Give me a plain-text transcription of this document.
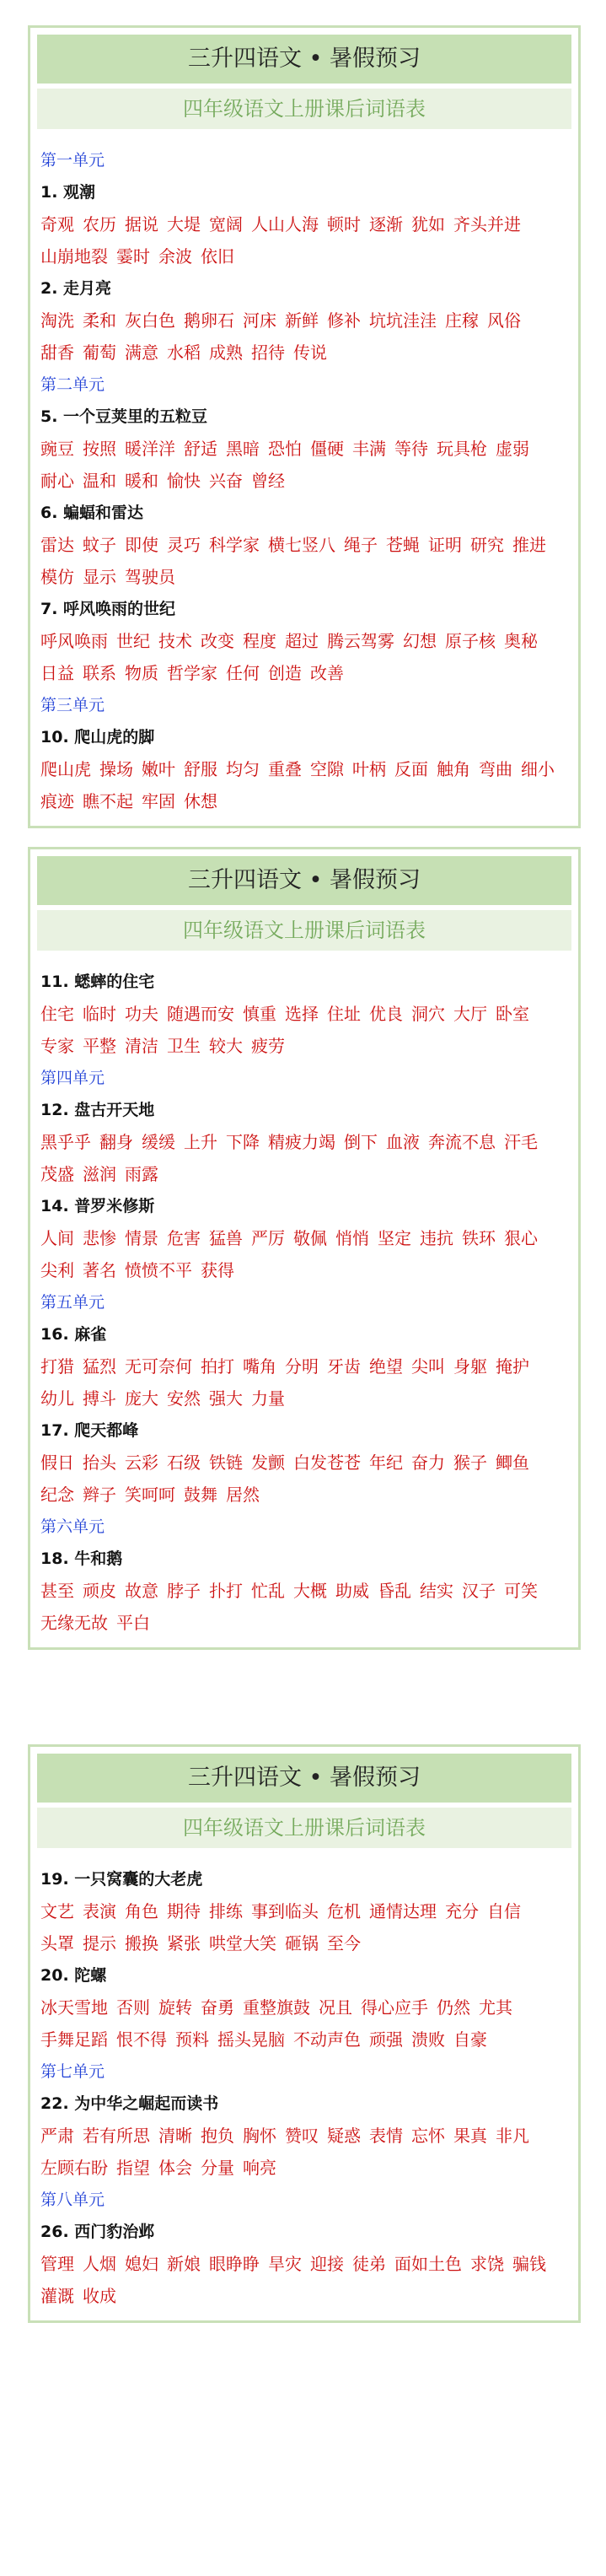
三升四语文 • 暑假预习
四年级语文上册课后词语表
第一单元
1. 观潮
奇观 农历 据说 大堤 宽阔 人山人海 顿时 逐渐 犹如 齐头并进山崩地裂 霎时 余波 依旧
2. 走月亮
淘洗 柔和 灰白色 鹅卵石 河床 新鲜 修补 坑坑洼洼 庄稼 风俗甜香 葡萄 满意 水稻 成熟 招待 传说
第二单元
5. 一个豆荚里的五粒豆
豌豆 按照 暖洋洋 舒适 黑暗 恐怕 僵硬 丰满 等待 玩具枪 虚弱耐心 温和 暖和 愉快 兴奋 曾经
6. 蝙蝠和雷达
雷达 蚊子 即使 灵巧 科学家 横七竖八 绳子 苍蝇 证明 研究 推进模仿 显示 驾驶员
7. 呼风唤雨的世纪
呼风唤雨 世纪 技术 改变 程度 超过 腾云驾雾 幻想 原子核 奥秘日益 联系 物质 哲学家 任何 创造 改善
第三单元
10. 爬山虎的脚
爬山虎 操场 嫩叶 舒服 均匀 重叠 空隙 叶柄 反面 触角 弯曲 细小痕迹 瞧不起 牢固 休想
三升四语文 • 暑假预习
四年级语文上册课后词语表
11. 蟋蟀的住宅
住宅 临时 功夫 随遇而安 慎重 选择 住址 优良 洞穴 大厅 卧室专家 平整 清洁 卫生 较大 疲劳
第四单元
12. 盘古开天地
黑乎乎 翻身 缓缓 上升 下降 精疲力竭 倒下 血液 奔流不息 汗毛茂盛 滋润 雨露
14. 普罗米修斯
人间 悲惨 情景 危害 猛兽 严厉 敬佩 悄悄 坚定 违抗 铁环 狠心尖利 著名 愤愤不平 获得
第五单元
16. 麻雀
打猎 猛烈 无可奈何 拍打 嘴角 分明 牙齿 绝望 尖叫 身躯 掩护幼儿 搏斗 庞大 安然 强大 力量
17. 爬天都峰
假日 抬头 云彩 石级 铁链 发颤 白发苍苍 年纪 奋力 猴子 鲫鱼纪念 辫子 笑呵呵 鼓舞 居然
第六单元
18. 牛和鹅
甚至 顽皮 故意 脖子 扑打 忙乱 大概 助威 昏乱 结实 汉子 可笑无缘无故 平白
三升四语文 • 暑假预习
四年级语文上册课后词语表
19. 一只窝囊的大老虎
文艺 表演 角色 期待 排练 事到临头 危机 通情达理 充分 自信头罩 提示 搬换 紧张 哄堂大笑 砸锅 至今
20. 陀螺
冰天雪地 否则 旋转 奋勇 重整旗鼓 况且 得心应手 仍然 尤其手舞足蹈 恨不得 预料 摇头晃脑 不动声色 顽强 溃败 自豪
第七单元
22. 为中华之崛起而读书
严肃 若有所思 清晰 抱负 胸怀 赞叹 疑惑 表情 忘怀 果真 非凡左顾右盼 指望 体会 分量 响亮
第八单元
26. 西门豹治邺
管理 人烟 媳妇 新娘 眼睁睁 旱灾 迎接 徒弟 面如土色 求饶 骗钱灌溉 收成
